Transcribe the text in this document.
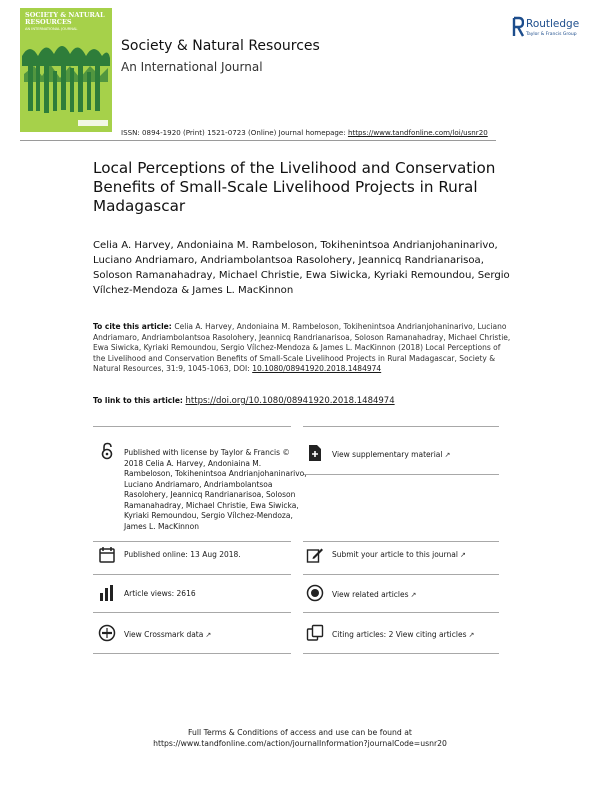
SOCIETY & NATURAL RESOURCES
AN INTERNATIONAL JOURNAL
Society & Natural Resources
An International Journal
Routledge
Taylor & Francis Group
ISSN: 0894-1920 (Print) 1521-0723 (Online) Journal homepage: https://www.tandfonline.com/loi/usnr20
Local Perceptions of the Livelihood and Conservation Benefits of Small-Scale Livelihood Projects in Rural Madagascar
Celia A. Harvey, Andoniaina M. Rambeloson, Tokihenintsoa Andrianjohaninarivo, Luciano Andriamaro, Andriambolantsoa Rasolohery, Jeannicq Randrianarisoa, Soloson Ramanahadray, Michael Christie, Ewa Siwicka, Kyriaki Remoundou, Sergio Vílchez-Mendoza & James L. MacKinnon
To cite this article: Celia A. Harvey, Andoniaina M. Rambeloson, Tokihenintsoa Andrianjohaninarivo, Luciano Andriamaro, Andriambolantsoa Rasolohery, Jeannicq Randrianarisoa, Soloson Ramanahadray, Michael Christie, Ewa Siwicka, Kyriaki Remoundou, Sergio Vílchez-Mendoza & James L. MacKinnon (2018) Local Perceptions of the Livelihood and Conservation Benefits of Small-Scale Livelihood Projects in Rural Madagascar, Society & Natural Resources, 31:9, 1045-1063, DOI: 10.1080/08941920.2018.1484974
To link to this article: https://doi.org/10.1080/08941920.2018.1484974
Published with license by Taylor & Francis © 2018 Celia A. Harvey, Andoniaina M. Rambeloson, Tokihenintsoa Andrianjohaninarivo, Luciano Andriamaro, Andriambolantsoa Rasolohery, Jeannicq Randrianarisoa, Soloson Ramanahadray, Michael Christie, Ewa Siwicka, Kyriaki Remoundou, Sergio Vílchez-Mendoza, James L. MacKinnon
View supplementary material ↗
Published online: 13 Aug 2018.	Submit your article to this journal ↗
Article views: 2616	View related articles ↗
View Crossmark data ↗	Citing articles: 2 View citing articles ↗
Full Terms & Conditions of access and use can be found at
https://www.tandfonline.com/action/journalInformation?journalCode=usnr20
